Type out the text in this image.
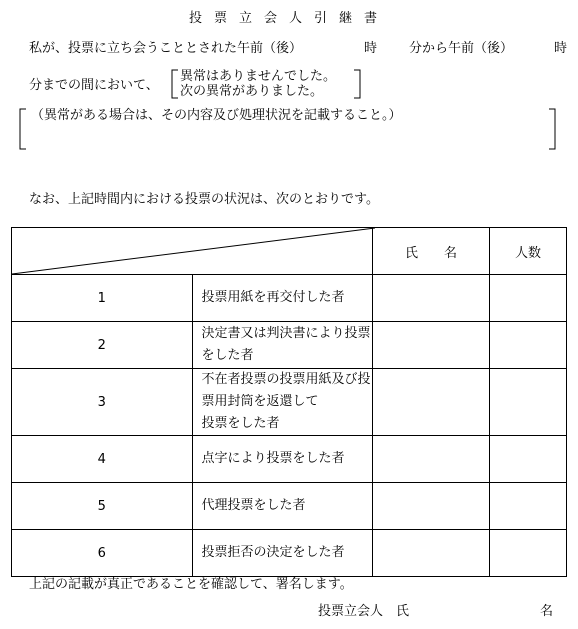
投票立会人引継書
私が、投票に立ち会うこととされた午前（後）	時 分から午前（後）	時
分までの間において、
異常はありませんでした。
次の異常がありました。
（異常がある場合は、その内容及び処理状況を記載すること。）
なお、上記時間内における投票の状況は、次のとおりです。
	氏　　名	人数
1	投票用紙を再交付した者		
2	決定書又は判決書により投票をした者		
3	不在者投票の投票用紙及び投票用封筒を返還して
投票をした者		

4	点字により投票をした者		
5	代理投票をした者		
6	投票拒否の決定をした者		
上記の記載が真正であることを確認して、署名します。
投票立会人　氏	名
